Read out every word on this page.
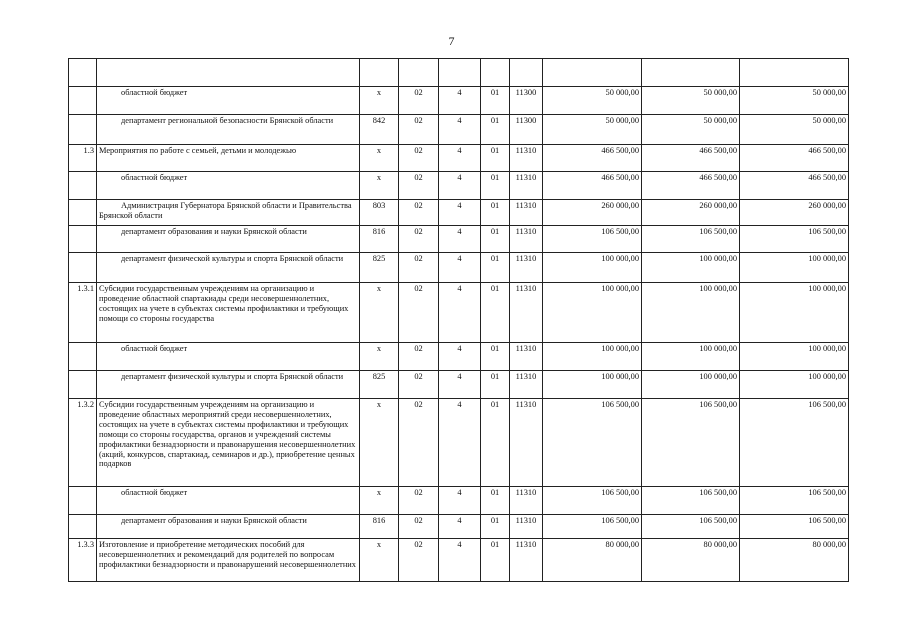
7

	областной бюджет	х	02	4	01	11300	50 000,00	50 000,00	50 000,00

	департамент региональной безопасности Брянской области	842	02	4	01	11300	50 000,00	50 000,00	50 000,00
1.3	Мероприятия по работе с семьей, детьми и молодежью	х	02	4	01	11310	466 500,00	466 500,00	466 500,00

	областной бюджет	х	02	4	01	11310	466 500,00	466 500,00	466 500,00

	Администрация Губернатора Брянской области и Правительства Брянской области	803	02	4	01	11310	260 000,00	260 000,00	260 000,00

	департамент образования и науки Брянской области	816	02	4	01	11310	106 500,00	106 500,00	106 500,00

	департамент физической культуры и спорта Брянской области	825	02	4	01	11310	100 000,00	100 000,00	100 000,00
1.3.1	Субсидии государственным учреждениям на организацию и проведение областной спартакиады среди несовершеннолетних, состоящих на учете в субъектах системы профилактики и требующих помощи со стороны государства	х	02	4	01	11310	100 000,00	100 000,00	100 000,00

	областной бюджет	х	02	4	01	11310	100 000,00	100 000,00	100 000,00

	департамент физической культуры и спорта Брянской области	825	02	4	01	11310	100 000,00	100 000,00	100 000,00
1.3.2	Субсидии государственным учреждениям на организацию и проведение областных мероприятий среди несовершеннолетних, состоящих на учете в субъектах системы профилактики и требующих помощи со стороны государства, органов и учреждений системы профилактики безнадзорности и правонарушения несовершеннолетних (акций, конкурсов, спартакиад, семинаров и др.), приобретение ценных подарков	х	02	4	01	11310	106 500,00	106 500,00	106 500,00

	областной бюджет	х	02	4	01	11310	106 500,00	106 500,00	106 500,00

	департамент образования и науки Брянской области	816	02	4	01	11310	106 500,00	106 500,00	106 500,00
1.3.3	Изготовление и приобретение методических пособий для несовершеннолетних и рекомендаций для родителей по вопросам профилактики безнадзорности и правонарушений несовершеннолетних	х	02	4	01	11310	80 000,00	80 000,00	80 000,00
